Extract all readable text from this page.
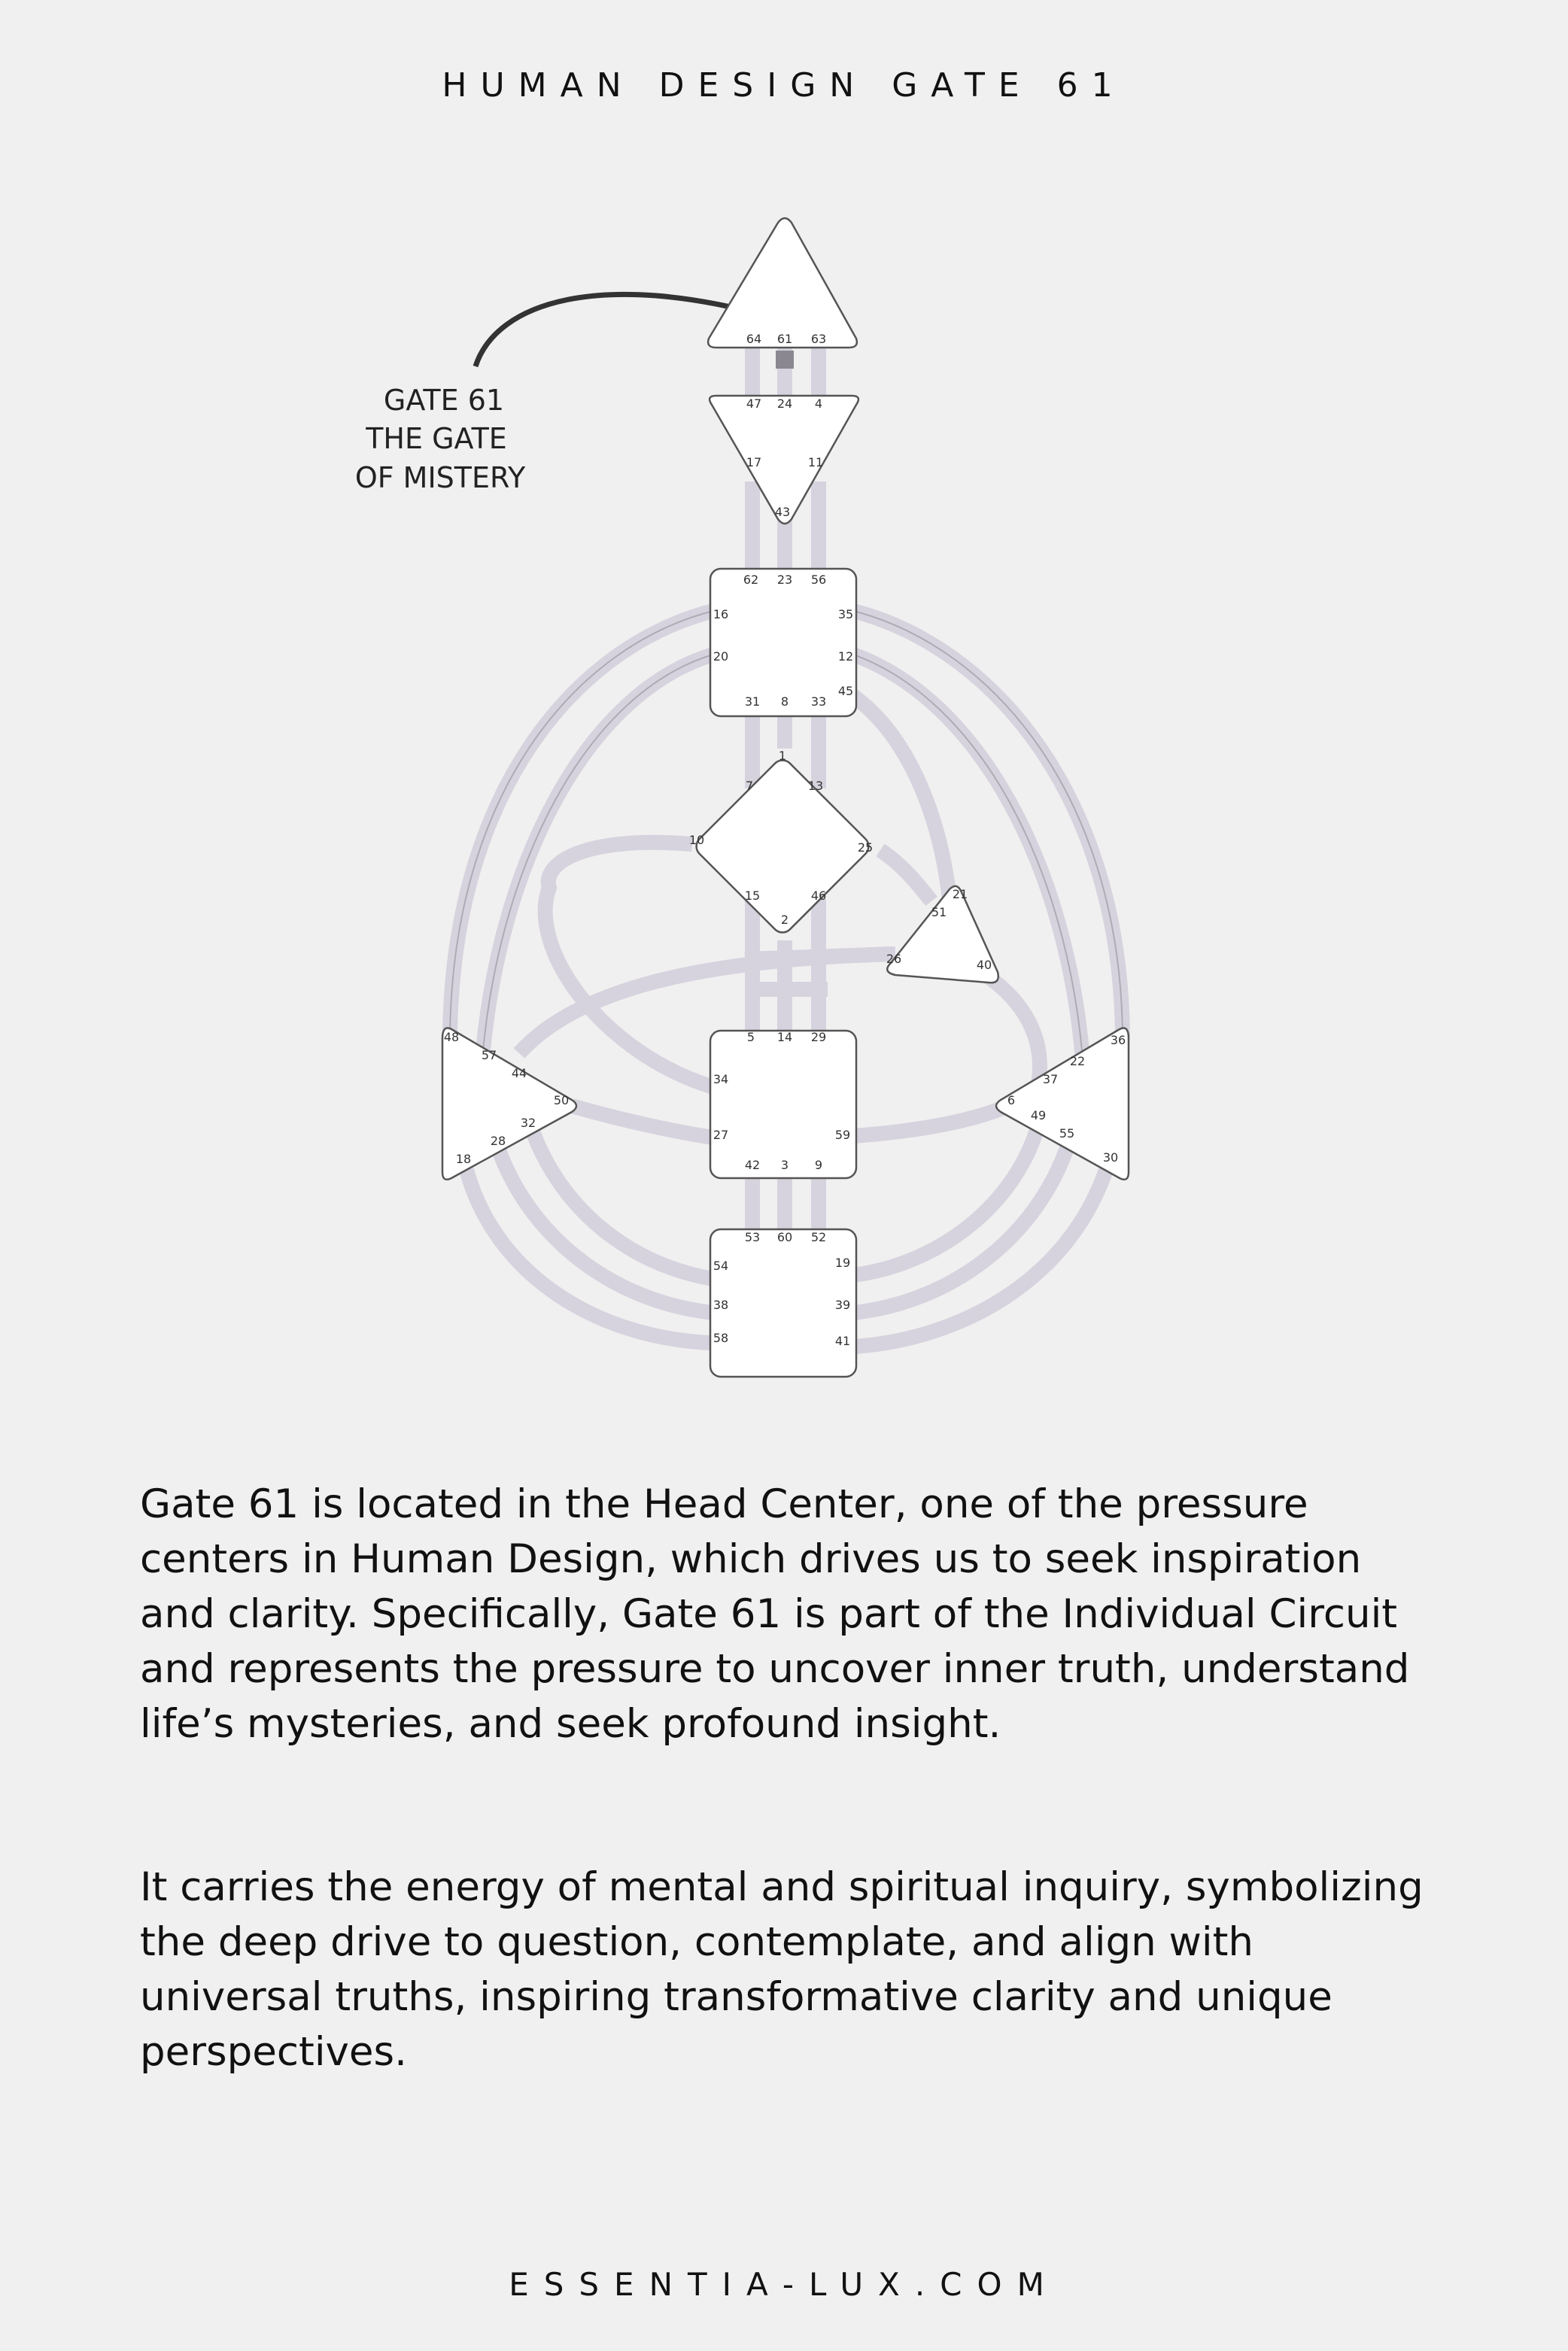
HUMAN DESIGN GATE 61
GATE 61
THE GATE
OF MISTERY
64 61 63
47 24 4
17	11
43
62 23 56
16	35
20	12
31 8 33
45
1
7	13
10
25
15
2
46	21
51
26	40
5 14 29
34
27	59
42 3 9
48
57
44
50
32
28
18
36
22
37
6
49
55
30
53 60 52
54	19
38	39
58	41
Gate 61 is located in the Head Center, one of the pressure centers in Human Design, which drives us to seek inspiration and clarity. Specifically, Gate 61 is part of the Individual Circuit and represents the pressure to uncover inner truth, understand life’s mysteries, and seek profound insight.
It carries the energy of mental and spiritual inquiry, symbolizing the deep drive to question, contemplate, and align with universal truths, inspiring transformative clarity and unique perspectives.
ESSENTIA-LUX.COM
